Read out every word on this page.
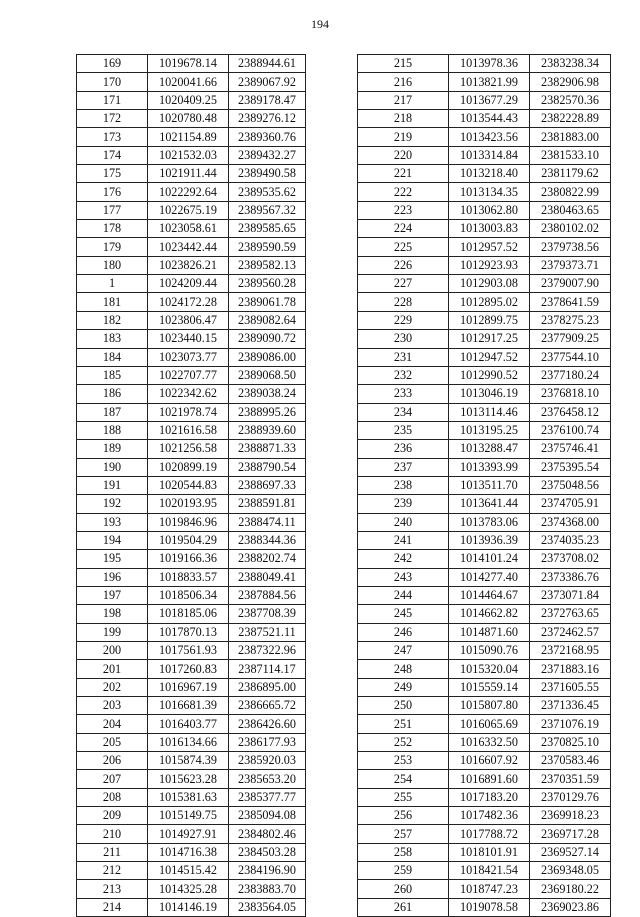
194
169	1019678.14	2388944.61
170	1020041.66	2389067.92
171	1020409.25	2389178.47
172	1020780.48	2389276.12
173	1021154.89	2389360.76
174	1021532.03	2389432.27
175	1021911.44	2389490.58
176	1022292.64	2389535.62
177	1022675.19	2389567.32
178	1023058.61	2389585.65
179	1023442.44	2389590.59
180	1023826.21	2389582.13
1	1024209.44	2389560.28
181	1024172.28	2389061.78
182	1023806.47	2389082.64
183	1023440.15	2389090.72
184	1023073.77	2389086.00
185	1022707.77	2389068.50
186	1022342.62	2389038.24
187	1021978.74	2388995.26
188	1021616.58	2388939.60
189	1021256.58	2388871.33
190	1020899.19	2388790.54
191	1020544.83	2388697.33
192	1020193.95	2388591.81
193	1019846.96	2388474.11
194	1019504.29	2388344.36
195	1019166.36	2388202.74
196	1018833.57	2388049.41
197	1018506.34	2387884.56
198	1018185.06	2387708.39
199	1017870.13	2387521.11
200	1017561.93	2387322.96
201	1017260.83	2387114.17
202	1016967.19	2386895.00
203	1016681.39	2386665.72
204	1016403.77	2386426.60
205	1016134.66	2386177.93
206	1015874.39	2385920.03
207	1015623.28	2385653.20
208	1015381.63	2385377.77
209	1015149.75	2385094.08
210	1014927.91	2384802.46
211	1014716.38	2384503.28
212	1014515.42	2384196.90
213	1014325.28	2383883.70
214	1014146.19	2383564.05
215	1013978.36	2383238.34
216	1013821.99	2382906.98
217	1013677.29	2382570.36
218	1013544.43	2382228.89
219	1013423.56	2381883.00
220	1013314.84	2381533.10
221	1013218.40	2381179.62
222	1013134.35	2380822.99
223	1013062.80	2380463.65
224	1013003.83	2380102.02
225	1012957.52	2379738.56
226	1012923.93	2379373.71
227	1012903.08	2379007.90
228	1012895.02	2378641.59
229	1012899.75	2378275.23
230	1012917.25	2377909.25
231	1012947.52	2377544.10
232	1012990.52	2377180.24
233	1013046.19	2376818.10
234	1013114.46	2376458.12
235	1013195.25	2376100.74
236	1013288.47	2375746.41
237	1013393.99	2375395.54
238	1013511.70	2375048.56
239	1013641.44	2374705.91
240	1013783.06	2374368.00
241	1013936.39	2374035.23
242	1014101.24	2373708.02
243	1014277.40	2373386.76
244	1014464.67	2373071.84
245	1014662.82	2372763.65
246	1014871.60	2372462.57
247	1015090.76	2372168.95
248	1015320.04	2371883.16
249	1015559.14	2371605.55
250	1015807.80	2371336.45
251	1016065.69	2371076.19
252	1016332.50	2370825.10
253	1016607.92	2370583.46
254	1016891.60	2370351.59
255	1017183.20	2370129.76
256	1017482.36	2369918.23
257	1017788.72	2369717.28
258	1018101.91	2369527.14
259	1018421.54	2369348.05
260	1018747.23	2369180.22
261	1019078.58	2369023.86
